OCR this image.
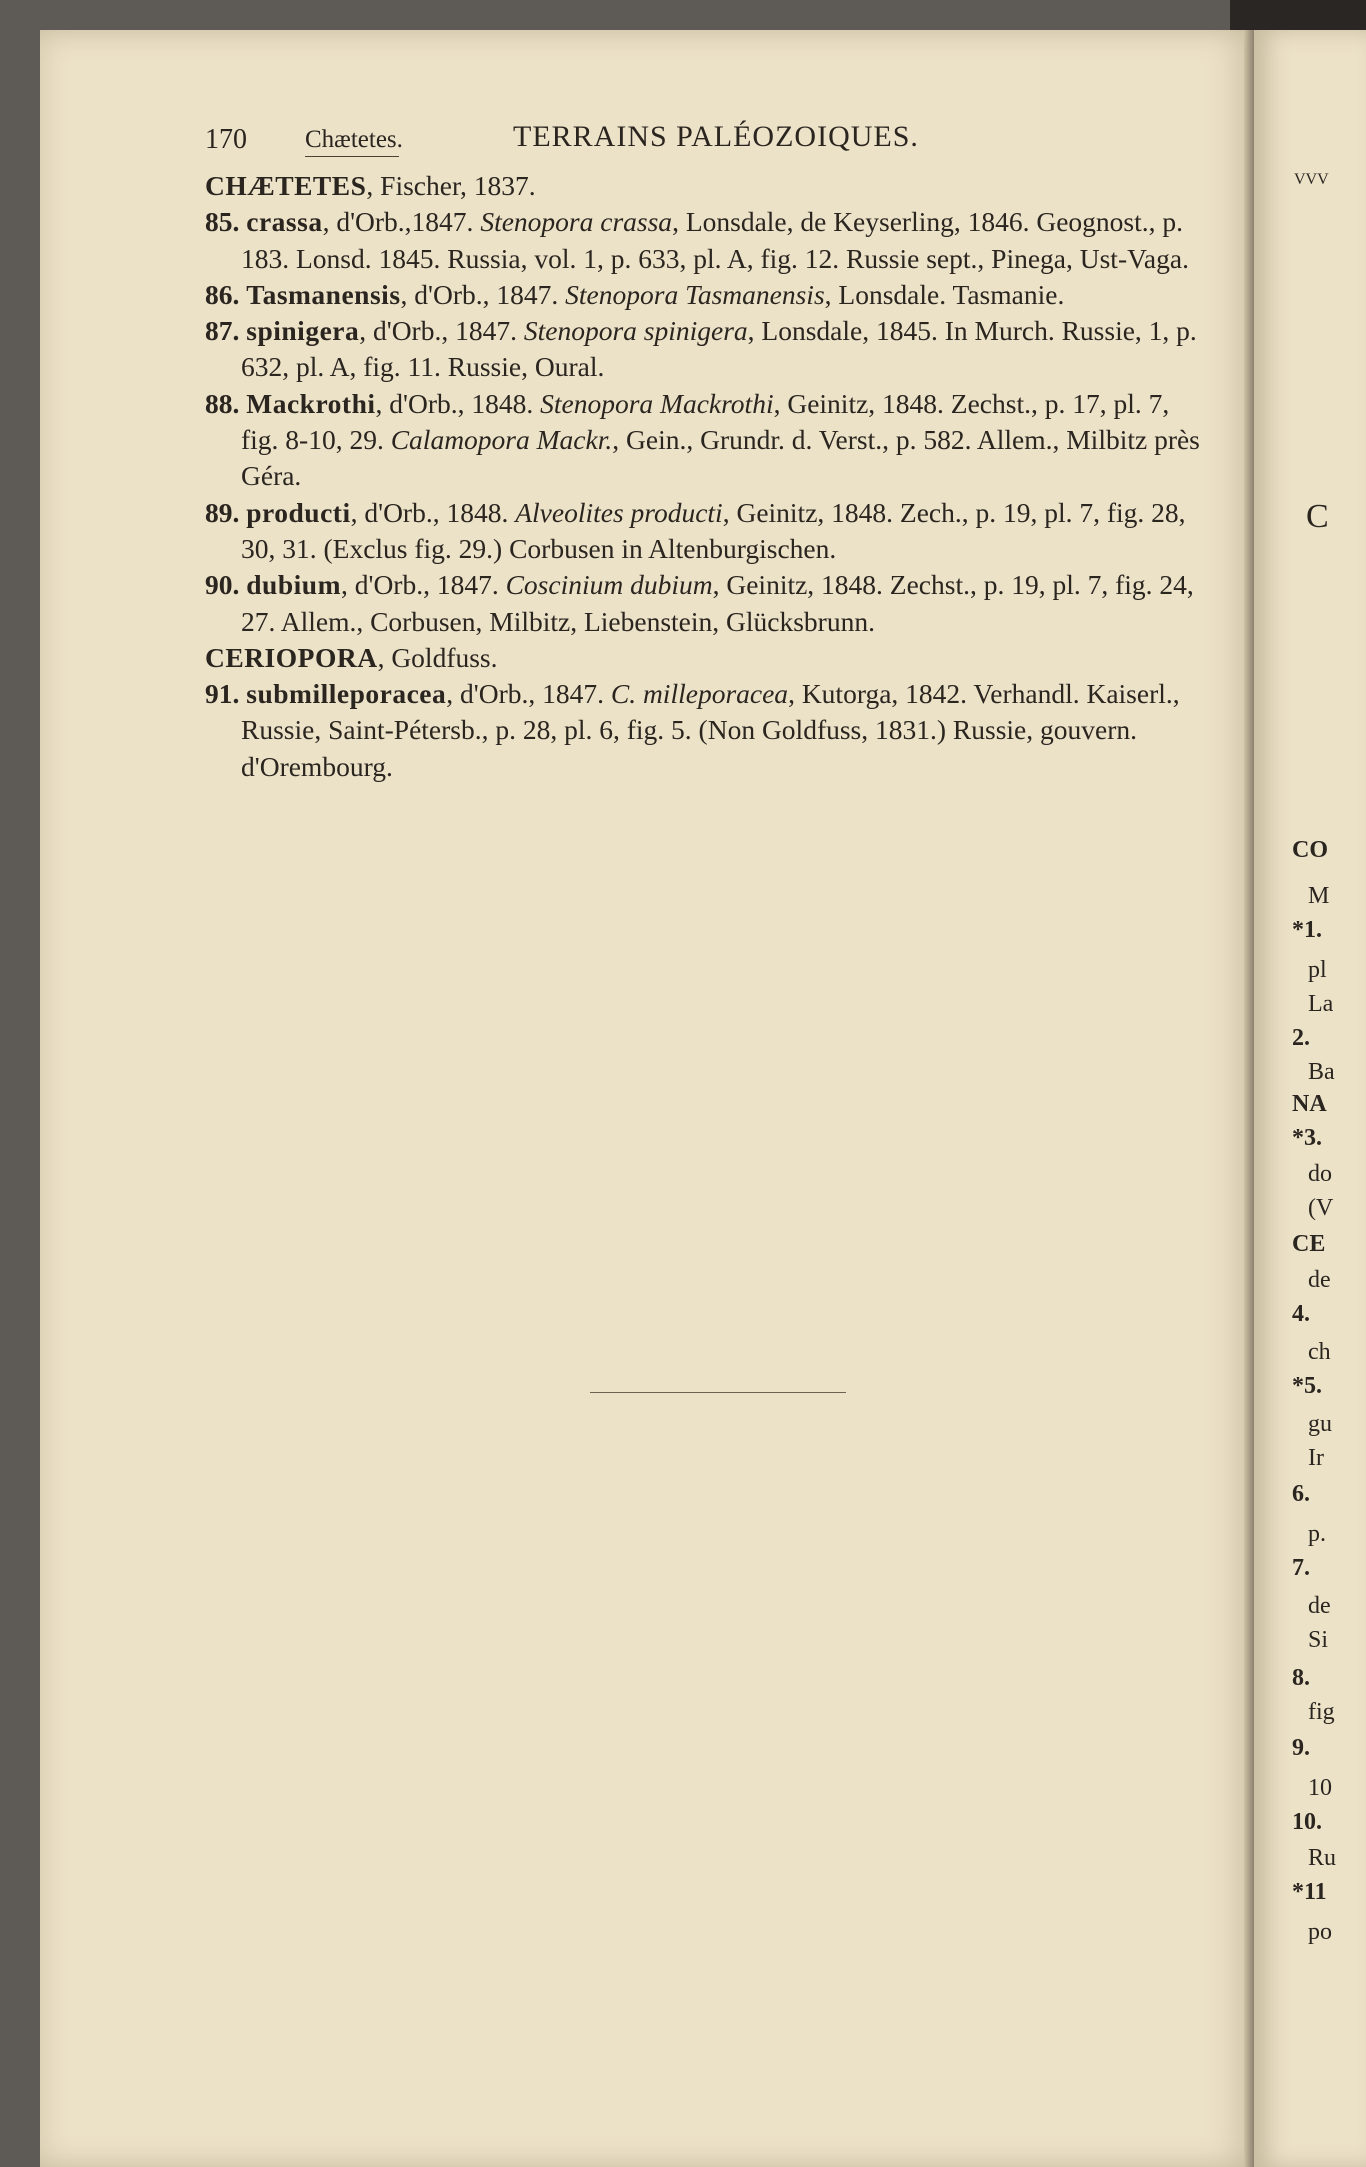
VVV
C
CO
M
*1.
pl
La
2.
Ba
NA
*3.
do
(V
CE
de
4.
ch
*5.
gu
Ir
6.
p.
7.
de
Si
8.
fig
9.
10
10.
Ru
*11
po
170 Chætetes.	TERRAINS PALÉOZOIQUES.

CHÆTETES, Fischer, 1837.

85. crassa, d'Orb.,1847. Stenopora crassa, Lonsdale, de Keyserling, 1846. Geognost., p. 183. Lonsd. 1845. Russia, vol. 1, p. 633, pl. A, fig. 12. Russie sept., Pinega, Ust-Vaga.

86. Tasmanensis, d'Orb., 1847. Stenopora Tasmanensis, Lonsdale. Tasmanie.

87. spinigera, d'Orb., 1847. Stenopora spinigera, Lonsdale, 1845. In Murch. Russie, 1, p. 632, pl. A, fig. 11. Russie, Oural.

88. Mackrothi, d'Orb., 1848. Stenopora Mackrothi, Geinitz, 1848. Zechst., p. 17, pl. 7, fig. 8-10, 29. Calamopora Mackr., Gein., Grundr. d. Verst., p. 582. Allem., Milbitz près Géra.

89. producti, d'Orb., 1848. Alveolites producti, Geinitz, 1848. Zech., p. 19, pl. 7, fig. 28, 30, 31. (Exclus fig. 29.) Corbusen in Altenburgischen.

90. dubium, d'Orb., 1847. Coscinium dubium, Geinitz, 1848. Zechst., p. 19, pl. 7, fig. 24, 27. Allem., Corbusen, Milbitz, Liebenstein, Glücksbrunn.

CERIOPORA, Goldfuss.

91. submilleporacea, d'Orb., 1847. C. milleporacea, Kutorga, 1842. Verhandl. Kaiserl., Russie, Saint-Pétersb., p. 28, pl. 6, fig. 5. (Non Goldfuss, 1831.) Russie, gouvern. d'Orembourg.
